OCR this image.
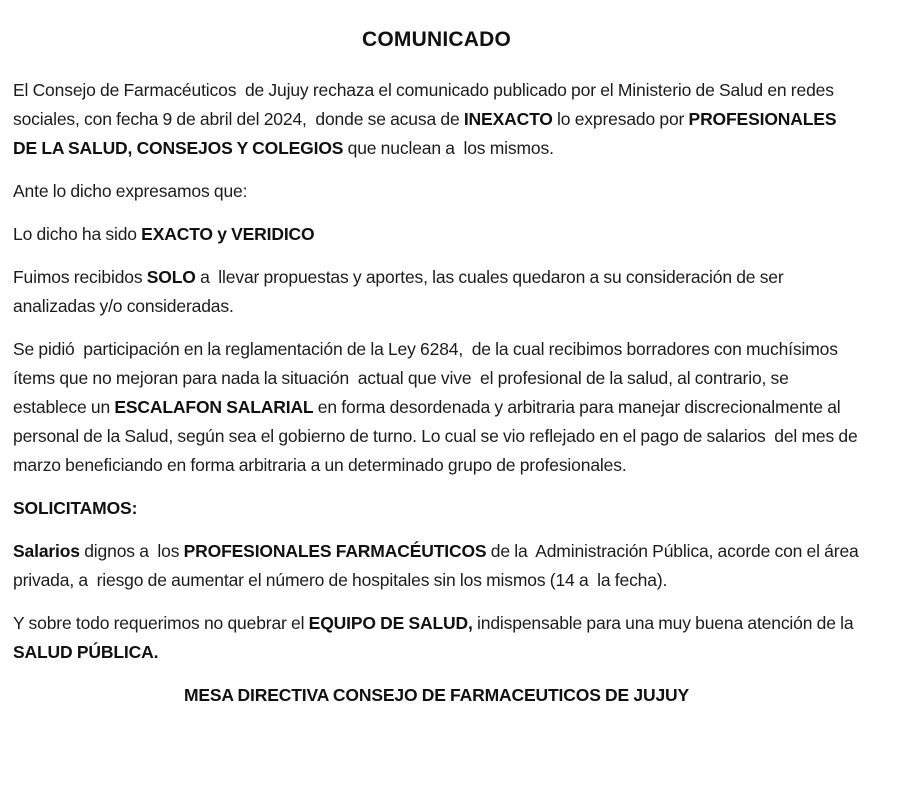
COMUNICADO

El Consejo de Farmacéuticos  de Jujuy rechaza el comunicado publicado por el Ministerio de Salud en redes sociales, con fecha 9 de abril del 2024,  donde se acusa de INEXACTO lo expresado por PROFESIONALES DE LA SALUD, CONSEJOS Y COLEGIOS que nuclean a  los mismos.

Ante lo dicho expresamos que:

Lo dicho ha sido EXACTO y VERIDICO

Fuimos recibidos SOLO a  llevar propuestas y aportes, las cuales quedaron a su consideración de ser analizadas y/o consideradas.

Se pidió  participación en la reglamentación de la Ley 6284,  de la cual recibimos borradores con muchísimos ítems que no mejoran para nada la situación  actual que vive  el profesional de la salud, al contrario, se establece un ESCALAFON SALARIAL en forma desordenada y arbitraria para manejar discrecionalmente al personal de la Salud, según sea el gobierno de turno. Lo cual se vio reflejado en el pago de salarios  del mes de marzo beneficiando en forma arbitraria a un determinado grupo de profesionales.

SOLICITAMOS:

Salarios dignos a  los PROFESIONALES FARMACÉUTICOS de la  Administración Pública, acorde con el área privada, a  riesgo de aumentar el número de hospitales sin los mismos (14 a  la fecha).

Y sobre todo requerimos no quebrar el EQUIPO DE SALUD, indispensable para una muy buena atención de la SALUD PÚBLICA.

MESA DIRECTIVA CONSEJO DE FARMACEUTICOS DE JUJUY
